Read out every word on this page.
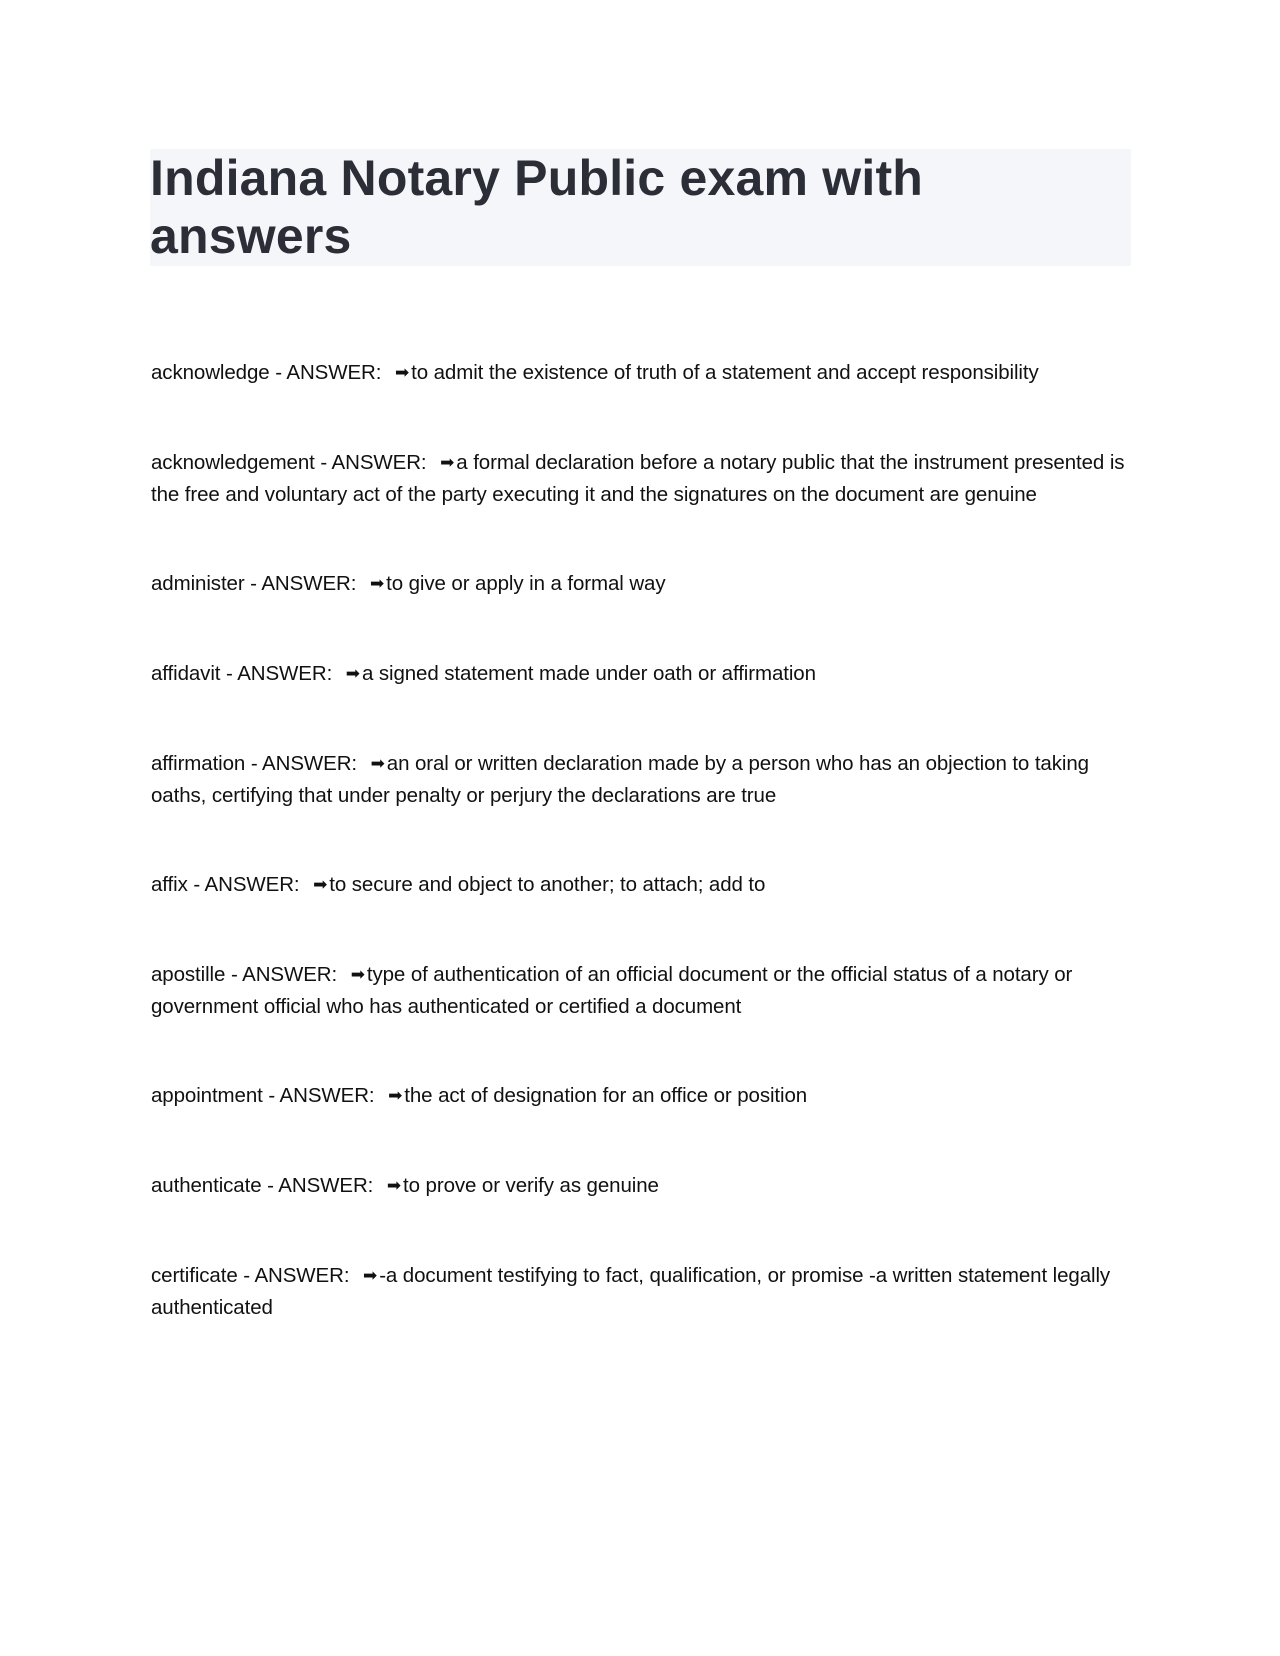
Indiana Notary Public exam with answers

acknowledge - ANSWER: ➡to admit the existence of truth of a statement and accept responsibility

acknowledgement - ANSWER: ➡a formal declaration before a notary public that the instrument presented is the free and voluntary act of the party executing it and the signatures on the document are genuine

administer - ANSWER: ➡to give or apply in a formal way

affidavit - ANSWER: ➡a signed statement made under oath or affirmation

affirmation - ANSWER: ➡an oral or written declaration made by a person who has an objection to taking oaths, certifying that under penalty or perjury the declarations are true

affix - ANSWER: ➡to secure and object to another; to attach; add to

apostille - ANSWER: ➡type of authentication of an official document or the official status of a notary or government official who has authenticated or certified a document

appointment - ANSWER: ➡the act of designation for an office or position

authenticate - ANSWER: ➡to prove or verify as genuine

certificate - ANSWER: ➡-a document testifying to fact, qualification, or promise -a written statement legally authenticated
